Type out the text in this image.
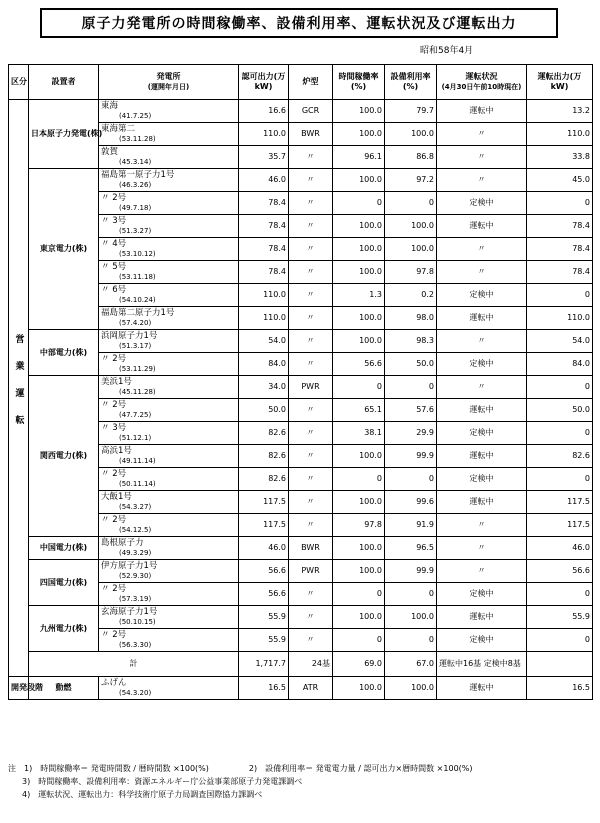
原子力発電所の時間稼働率、設備利用率、運転状況及び運転出力
昭和58年4月
区分	設置者	発電所
(運開年月日)	認可出力(万kW)	炉型	時間稼働率(%)	設備利用率(%)	運転状況
(4月30日午前10時現在)	運転出力(万kW)
営業運転	日本原子力発電(株)	東海
(41.7.25)	16.6	GCR	100.0	79.7	運転中	13.2
		東海第二
(53.11.28)	110.0	BWR	100.0	100.0	〃	110.0
		敦賀
(45.3.14)	35.7	〃	96.1	86.8	〃	33.8
	東京電力(株)	福島第一原子力1号
(46.3.26)	46.0	〃	100.0	97.2	〃	45.0
		〃 2号
(49.7.18)	78.4	〃	0	0	定検中	0
		〃 3号
(51.3.27)	78.4	〃	100.0	100.0	運転中	78.4
		〃 4号
(53.10.12)	78.4	〃	100.0	100.0	〃	78.4
		〃 5号
(53.11.18)	78.4	〃	100.0	97.8	〃	78.4
		〃 6号
(54.10.24)	110.0	〃	1.3	0.2	定検中	0
		福島第二原子力1号
(57.4.20)	110.0	〃	100.0	98.0	運転中	110.0
	中部電力(株)	浜岡原子力1号
(51.3.17)	54.0	〃	100.0	98.3	〃	54.0
		〃 2号
(53.11.29)	84.0	〃	56.6	50.0	定検中	84.0
	関西電力(株)	美浜1号
(45.11.28)	34.0	PWR	0	0	〃	0
		〃 2号
(47.7.25)	50.0	〃	65.1	57.6	運転中	50.0
		〃 3号
(51.12.1)	82.6	〃	38.1	29.9	定検中	0
		高浜1号
(49.11.14)	82.6	〃	100.0	99.9	運転中	82.6
		〃 2号
(50.11.14)	82.6	〃	0	0	定検中	0
		大飯1号
(54.3.27)	117.5	〃	100.0	99.6	運転中	117.5
		〃 2号
(54.12.5)	117.5	〃	97.8	91.9	〃	117.5
	中国電力(株)	島根原子力
(49.3.29)	46.0	BWR	100.0	96.5	〃	46.0
	四国電力(株)	伊方原子力1号
(52.9.30)	56.6	PWR	100.0	99.9	〃	56.6
		〃 2号
(57.3.19)	56.6	〃	0	0	定検中	0
	九州電力(株)	玄海原子力1号
(50.10.15)	55.9	〃	100.0	100.0	運転中	55.9
		〃 2号
(56.3.30)	55.9	〃	0	0	定検中	0
	計		1,717.7	24基	69.0	67.0	運転中16基 定検中8基	
開発段階	動燃	ふげん
(54.3.20)	16.5	ATR	100.0	100.0	運転中	16.5
注　 1)　時間稼働率＝ 発電時間数 / 暦時間数 ×100(%)　　　　　	2)　設備利用率＝ 発電電力量 / 認可出力×暦時間数 ×100(%)
3)　時間稼働率、設備利用率：資源エネルギー庁公益事業部原子力発電課調べ
4)　運転状況、運転出力：科学技術庁原子力局調査国際協力課調べ
